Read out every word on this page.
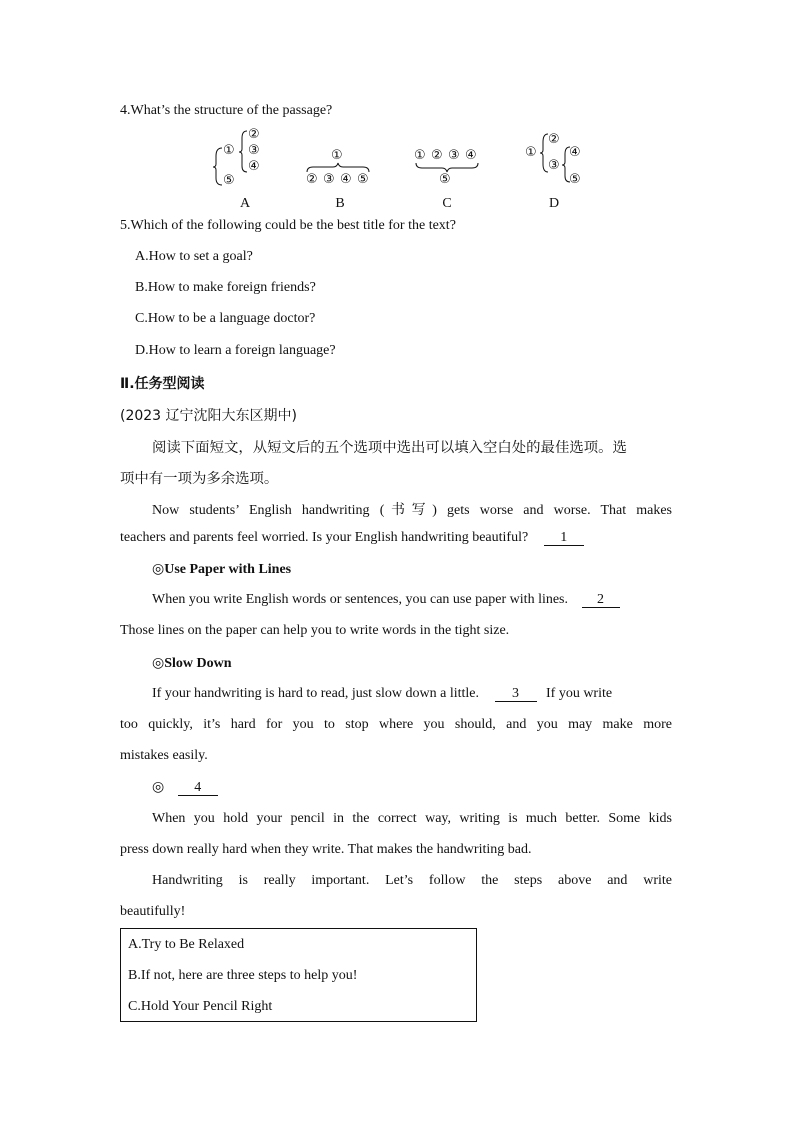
4.What’s the structure of the passage?
①
②
③
④
⑤
①
② ③ ④ ⑤
① ② ③ ④
⑤
①
②
③
④
⑤
A	B	C	D
5.Which of the following could be the best title for the text?
A.How to set a goal?
B.How to make foreign friends?
C.How to be a language doctor?
D.How to learn a foreign language?
Ⅱ.任务型阅读
(2023 辽宁沈阳大东区期中)
阅读下面短文，从短文后的五个选项中选出可以填入空白处的最佳选项。选
项中有一项为多余选项。
Now students’ English handwriting (书写) gets worse and worse. That makes
teachers and parents feel worried. Is your English handwriting beautiful? 1
◎Use Paper with Lines
When you write English words or sentences, you can use paper with lines. 2
Those lines on the paper can help you to write words in the tight size.
◎Slow Down
If your handwriting is hard to read, just slow down a little. 3 If you write
too quickly, it’s hard for you to stop where you should, and you may make more
mistakes easily.
◎ 4
When you hold your pencil in the correct way, writing is much better. Some kids
press down really hard when they write. That makes the handwriting bad.
Handwriting is really important. Let’s follow the steps above and write
beautifully!
A.Try to Be Relaxed
B.If not, here are three steps to help you!
C.Hold Your Pencil Right
